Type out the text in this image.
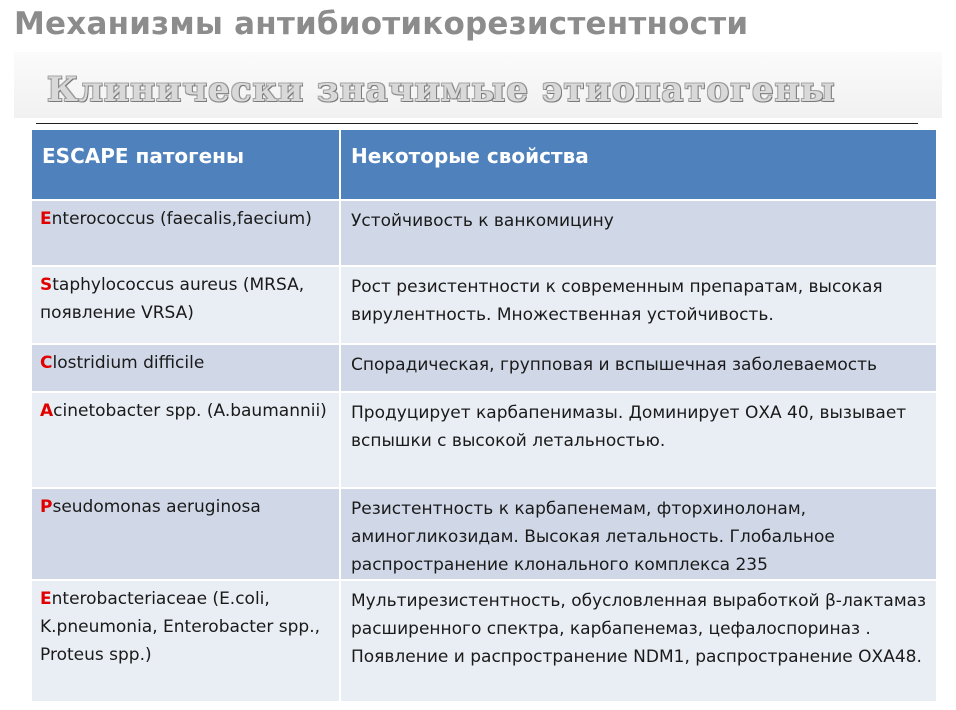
Механизмы антибиотикорезистентности
Клинически значимые этиопатогены
ESCAPE патогены	Некоторые свойства
Enterococcus (faecalis,faecium)	Устойчивость к ванкомицину
Staphylococcus aureus (MRSA, появление VRSA)	Рост резистентности к современным препаратам, высокая вирулентность. Множественная устойчивость.
Clostridium difficile	Спорадическая, групповая и вспышечная заболеваемость
Acinetobacter spp. (A.baumannii)	Продуцирует карбапенимазы. Доминирует ОХА 40, вызывает вспышки с высокой летальностью.
Pseudomonas aeruginosa	Резистентность к карбапенемам, фторхинолонам, аминогликозидам. Высокая летальность. Глобальное распространение клонального комплекса 235
Enterobacteriaceae (E.coli, K.pneumonia, Enterobacter spp., Proteus spp.)	Мультирезистентность, обусловленная выработкой β-лактамаз расширенного спектра, карбапенемаз, цефалоспориназ . Появление и распространение NDM1, распространение ОХА48.
